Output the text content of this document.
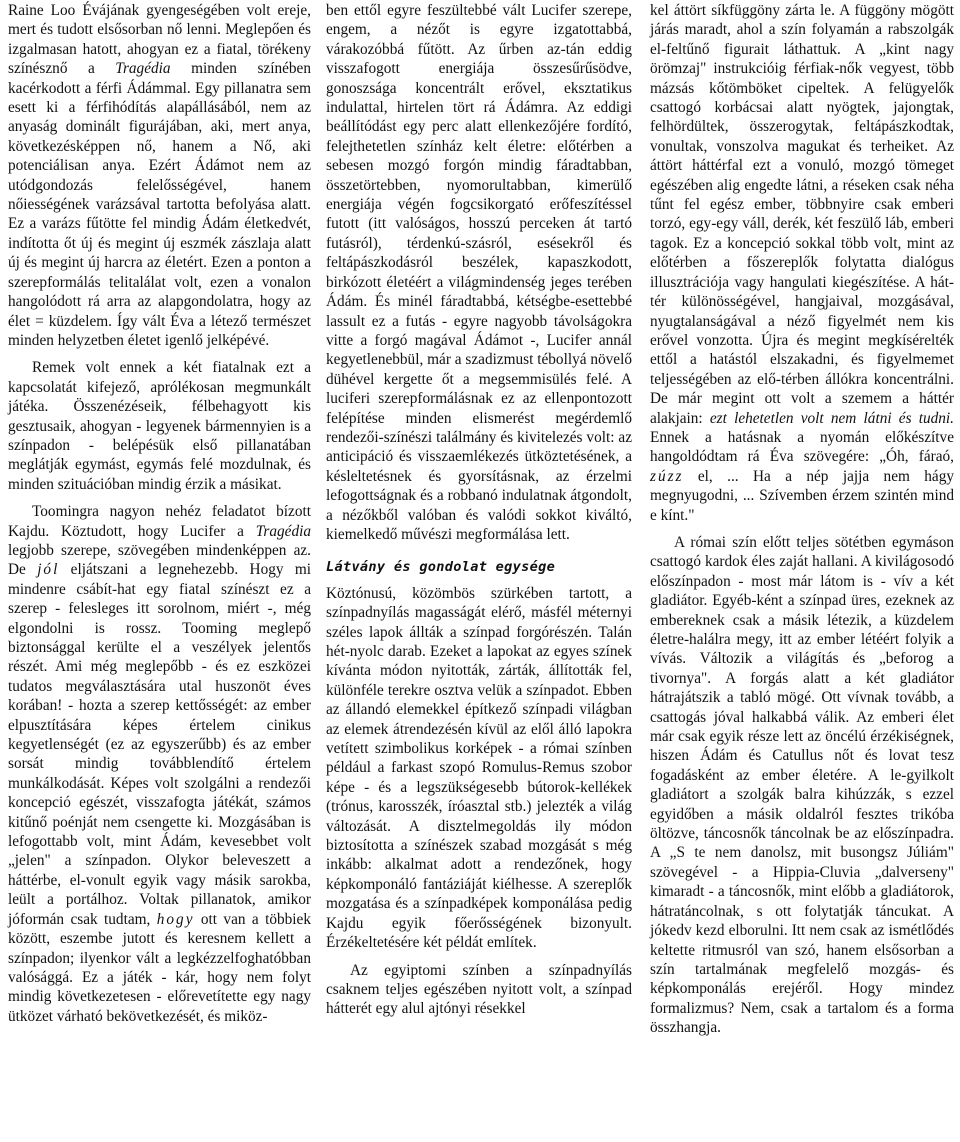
Raine Loo Évájának gyengeségében volt ereje, mert és tudott elsősorban nő lenni. Meglepően és izgalmasan hatott, ahogyan ez a fiatal, törékeny színésznő a Tragédia minden színében kacérkodott a férfi Ádámmal. Egy pillanatra sem esett ki a férfihódítás alapállásából, nem az anyaság dominált figurájában, aki, mert anya, következésképpen nő, hanem a Nő, aki potenciálisan anya. Ezért Ádámot nem az utódgondozás felelősségével, hanem nőiességének varázsával tartotta befolyása alatt. Ez a varázs fűtötte fel mindig Ádám életkedvét, indította őt új és megint új eszmék zászlaja alatt új és megint új harcra az életért. Ezen a ponton a szerepformálás telitalálat volt, ezen a vonalon hangolódott rá arra az alapgondolatra, hogy az élet = küzdelem. Így vált Éva a létező természet minden helyzetben életet igenlő jelképévé.

Remek volt ennek a két fiatalnak ezt a kapcsolatát kifejező, aprólékosan megmunkált játéka. Összenézéseik, félbehagyott kis gesztusaik, ahogyan - legyenek bármennyien is a színpadon - belépésük első pillanatában meglátják egymást, egymás felé mozdulnak, és minden szituációban mindig érzik a másikat.

Toomingra nagyon nehéz feladatot bízott Kajdu. Köztudott, hogy Lucifer a Tragédia legjobb szerepe, szövegében mindenképpen az. De jól eljátszani a legnehezebb. Hogy mi mindenre csábít-hat egy fiatal színészt ez a szerep - felesleges itt sorolnom, miért -, még elgondolni is rossz. Tooming meglepő biztonsággal kerülte el a veszélyek jelentős részét. Ami még meglepőbb - és ez eszközei tudatos megválasztására utal huszonöt éves korában! - hozta a szerep kettősségét: az ember elpusztítására képes értelem cinikus kegyetlenségét (ez az egyszerűbb) és az ember sorsát mindig továbblendítő értelem munkálkodását. Képes volt szolgálni a rendezői koncepció egészét, visszafogta játékát, számos kitűnő poénját nem csengette ki. Mozgásában is lefogottabb volt, mint Ádám, kevesebbet volt „jelen" a színpadon. Olykor beleveszett a háttérbe, el-vonult egyik vagy másik sarokba, leült a portálhoz. Voltak pillanatok, amikor jóformán csak tudtam, hogy ott van a többiek között, eszembe jutott és keresnem kellett a színpadon; ilyenkor vált a legkézzelfoghatóbban valósággá. Ez a játék - kár, hogy nem folyt mindig következetesen - előrevetítette egy nagy ütközet várható bekövetkezését, és miköz-

ben ettől egyre feszültebbé vált Lucifer szerepe, engem, a nézőt is egyre izgatottabbá, várakozóbbá fűtött. Az űrben az-tán eddig visszafogott energiája összesűrűsödve, gonoszsága koncentrált erővel, eksztatikus indulattal, hirtelen tört rá Ádámra. Az eddigi beállítódást egy perc alatt ellenkezőjére fordító, felejthetetlen színház kelt életre: előtérben a sebesen mozgó forgón mindig fáradtabban, összetörtebben, nyomorultabban, kimerülő energiája végén fogcsikorgató erőfeszítéssel futott (itt valóságos, hosszú perceken át tartó futásról), térdenkú-szásról, esésekről és feltápászkodásról beszélek, kapaszkodott, birkózott életéért a világmindenség jeges terében Ádám. És minél fáradtabbá, kétségbe-esettebbé lassult ez a futás - egyre nagyobb távolságokra vitte a forgó magával Ádámot -, Lucifer annál kegyetlenebbül, már a szadizmust tébollyá növelő dühével kergette őt a megsemmisülés felé. A luciferi szerepformálásnak ez az ellenpontozott felépítése minden elismerést megérdemlő rendezői-színészi találmány és kivitelezés volt: az anticipáció és visszaemlékezés ütköztetésének, a késleltetésnek és gyorsításnak, az érzelmi lefogottságnak és a robbanó indulatnak átgondolt, a nézőkből valóban és valódi sokkot kiváltó, kiemelkedő művészi megformálása lett.

Látvány és gondolat egysége

Köztónusú, közömbös szürkében tartott, a színpadnyílás magasságát elérő, másfél méternyi széles lapok állták a színpad forgórészén. Talán hét-nyolc darab. Ezeket a lapokat az egyes színek kívánta módon nyitották, zárták, állították fel, különféle terekre osztva velük a színpadot. Ebben az állandó elemekkel építkező színpadi világban az elemek átrendezésén kívül az elől álló lapokra vetített szimbolikus korképek - a római színben például a farkast szopó Romulus-Remus szobor képe - és a legszükségesebb bútorok-kellékek (trónus, karosszék, íróasztal stb.) jelezték a világ változását. A disztelmegoldás ily módon biztosította a színészek szabad mozgását s még inkább: alkalmat adott a rendezőnek, hogy képkomponáló fantáziáját kiélhesse. A szereplők mozgatása és a színpadképek komponálása pedig Kajdu egyik főerősségének bizonyult. Érzékeltetésére két példát említek.

Az egyiptomi színben a színpadnyílás csaknem teljes egészében nyitott volt, a színpad hátterét egy alul ajtónyi résekkel

kel áttört síkfüggöny zárta le. A függöny mögött járás maradt, ahol a szín folyamán a rabszolgák el-feltűnő figurait láthattuk. A „kint nagy örömzaj" instrukcióig férfiak-nők vegyest, több mázsás kőtömböket cipeltek. A felügyelők csattogó korbácsai alatt nyögtek, jajongtak, felhördültek, összerogytak, feltápászkodtak, vonultak, vonszolva magukat és terheiket. Az áttört háttérfal ezt a vonuló, mozgó tömeget egészében alig engedte látni, a réseken csak néha tűnt fel egész ember, többnyire csak emberi torzó, egy-egy váll, derék, két feszülő láb, emberi tagok. Ez a koncepció sokkal több volt, mint az előtérben a főszereplők folytatta dialógus illusztrációja vagy hangulati kiegészítése. A hát-tér különösségével, hangjaival, mozgásával, nyugtalanságával a néző figyelmét nem kis erővel vonzotta. Újra és megint megkísérelték ettől a hatástól elszakadni, és figyelmemet teljességében az elő-térben állókra koncentrálni. De már megint ott volt a szemem a háttér alakjain: ezt lehetetlen volt nem látni és tudni. Ennek a hatásnak a nyomán előkészítve hangoldódtam rá Éva szövegére: „Óh, fáraó, zúzz el, ... Ha a nép jajja nem hágy megnyugodni, ... Szívemben érzem szintén mind e kínt."

A római szín előtt teljes sötétben egymáson csattogó kardok éles zaját hallani. A kivilágosodó előszínpadon - most már látom is - vív a két gladiátor. Egyéb-ként a színpad üres, ezeknek az embereknek csak a másik létezik, a küzdelem életre-halálra megy, itt az ember létéért folyik a vívás. Változik a világítás és „beforog a tivornya". A forgás alatt a két gladiátor hátrajátszik a tabló mögé. Ott vívnak tovább, a csattogás jóval halkabbá válik. Az emberi élet már csak egyik része lett az öncélú érzékiségnek, hiszen Ádám és Catullus nőt és lovat tesz fogadásként az ember életére. A le-gyilkolt gladiátort a szolgák balra kihúzzák, s ezzel egyidőben a másik oldalról fesztes trikóba öltözve, táncosnők táncolnak be az előszínpadra. A „S te nem danolsz, mit busongsz Júliám" szövegével - a Hippia-Cluvia „dalverseny" kimaradt - a táncosnők, mint előbb a gladiátorok, hátratáncolnak, s ott folytatják táncukat. A jókedv kezd elborulni. Itt nem csak az ismétlődés keltette ritmusról van szó, hanem elsősorban a szín tartalmának megfelelő mozgás- és képkomponálás erejéről. Hogy mindez formalizmus? Nem, csak a tartalom és a forma összhangja.
